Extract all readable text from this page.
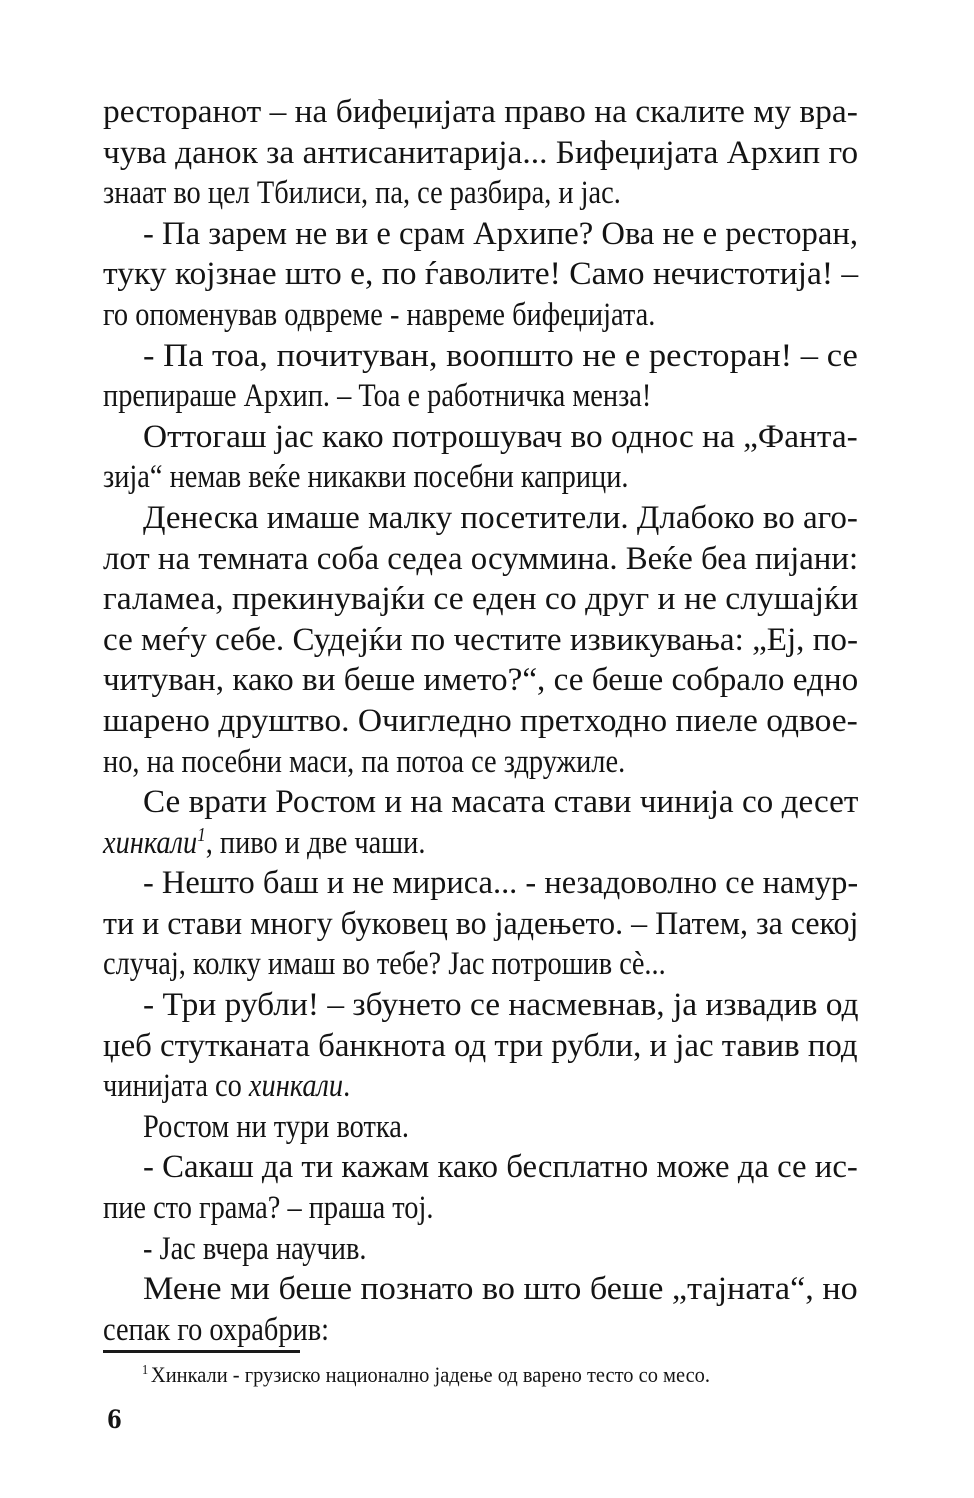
ресторанот – на бифеџијата право на скалите му вра-
чува данок за антисанитарија... Бифеџијата Архип го
знаат во цел Тбилиси, па, се разбира, и јас.
- Па зарем не ви е срам Архипе? Ова не е ресторан,
туку којзнае што е, по ѓаволите! Само нечистотија! –
го опоменував одвреме - навреме бифеџијата.
- Па тоа, почитуван, воопшто не е ресторан! – се
препираше Архип. – Тоа е работничка менза!
Оттогаш јас како потрошувач во однос на „Фанта-
зија“ немав веќе никакви посебни каприци.
Денеска имаше малку посетители. Длабоко во аго-
лот на темната соба седеа осуммина. Веќе беа пијани:
галамеа, прекинувајќи се еден со друг и не слушајќи
се меѓу себе. Судејќи по честите извикувања: „Еј, по-
читуван, како ви беше името?“, се беше собрало едно
шарено друштво. Очигледно претходно пиеле одвое-
но, на посебни маси, па потоа се здружиле.
Се врати Ростом и на масата стави чинија со десет
хинкали$^1$, пиво и две чаши.
- Нешто баш и не мириса... - незадоволно се намур-
ти и стави многу буковец во јадењето. – Патем, за секој
случај, колку имаш во тебе? Јас потрошив сѐ...
- Три рубли! – збунето се насмевнав, ја извадив од
џеб стутканата банкнота од три рубли, и јас тавив под
чинијата со хинкали.
Ростом ни тури вотка.
- Сакаш да ти кажам како бесплатно може да се ис-
пие сто грама? – праша тој.
- Јас вчера научив.
Мене ми беше познато во што беше „тајната“, но
сепак го охрабрив:
$^1$ Хинкали - грузиско национално јадење од варено тесто со месо.
6
